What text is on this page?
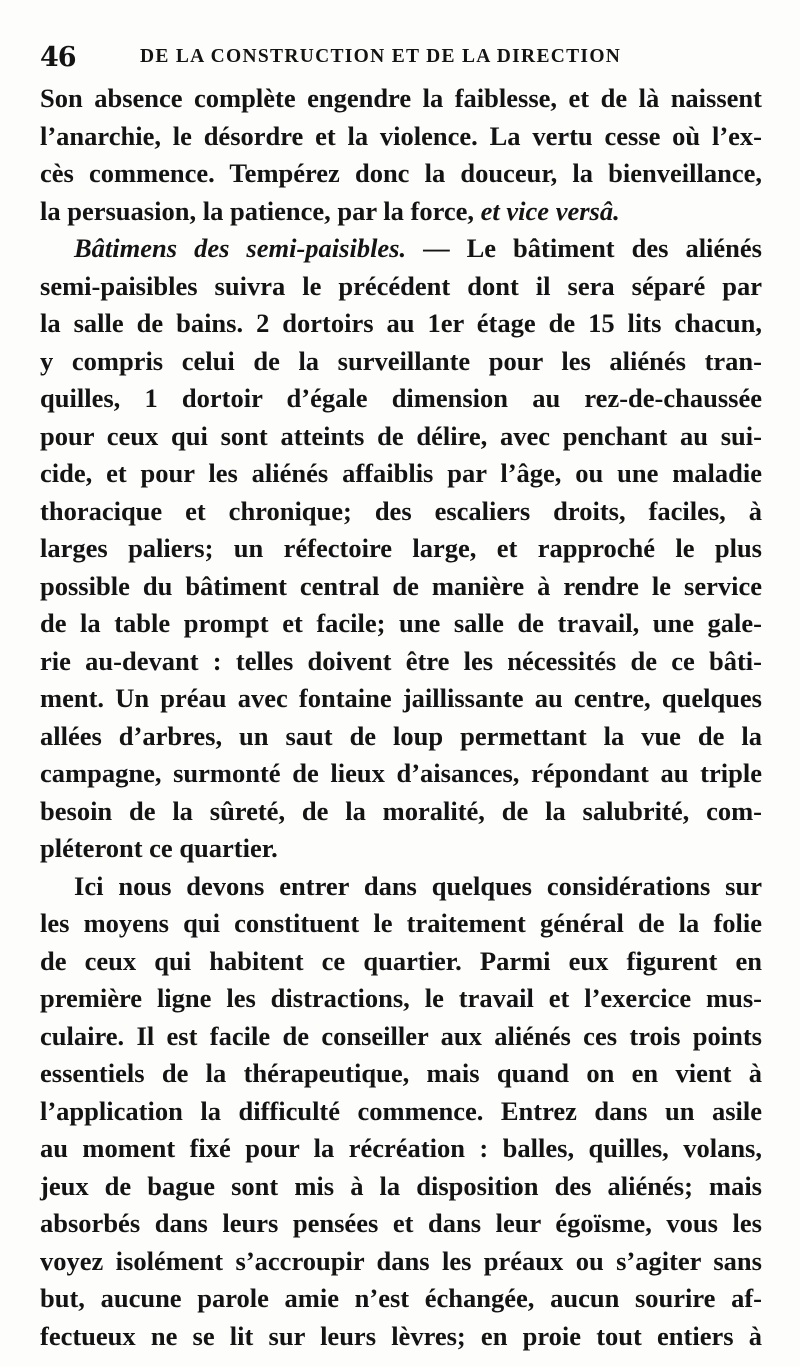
46	DE LA CONSTRUCTION ET DE LA DIRECTION
Son absence complète engendre la faiblesse, et de là naissent
l’anarchie, le désordre et la violence. La vertu cesse où l’ex-
cès commence. Tempérez donc la douceur, la bienveillance,
la persuasion, la patience, par la force, et vice versâ.
Bâtimens des semi-paisibles. — Le bâtiment des aliénés
semi-paisibles suivra le précédent dont il sera séparé par
la salle de bains. 2 dortoirs au 1er étage de 15 lits chacun,
y compris celui de la surveillante pour les aliénés tran-
quilles, 1 dortoir d’égale dimension au rez-de-chaussée
pour ceux qui sont atteints de délire, avec penchant au sui-
cide, et pour les aliénés affaiblis par l’âge, ou une maladie
thoracique et chronique; des escaliers droits, faciles, à
larges paliers; un réfectoire large, et rapproché le plus
possible du bâtiment central de manière à rendre le service
de la table prompt et facile; une salle de travail, une gale-
rie au-devant : telles doivent être les nécessités de ce bâti-
ment. Un préau avec fontaine jaillissante au centre, quelques
allées d’arbres, un saut de loup permettant la vue de la
campagne, surmonté de lieux d’aisances, répondant au triple
besoin de la sûreté, de la moralité, de la salubrité, com-
pléteront ce quartier.
Ici nous devons entrer dans quelques considérations sur
les moyens qui constituent le traitement général de la folie
de ceux qui habitent ce quartier. Parmi eux figurent en
première ligne les distractions, le travail et l’exercice mus-
culaire. Il est facile de conseiller aux aliénés ces trois points
essentiels de la thérapeutique, mais quand on en vient à
l’application la difficulté commence. Entrez dans un asile
au moment fixé pour la récréation : balles, quilles, volans,
jeux de bague sont mis à la disposition des aliénés; mais
absorbés dans leurs pensées et dans leur égoïsme, vous les
voyez isolément s’accroupir dans les préaux ou s’agiter sans
but, aucune parole amie n’est échangée, aucun sourire af-
fectueux ne se lit sur leurs lèvres; en proie tout entiers à
